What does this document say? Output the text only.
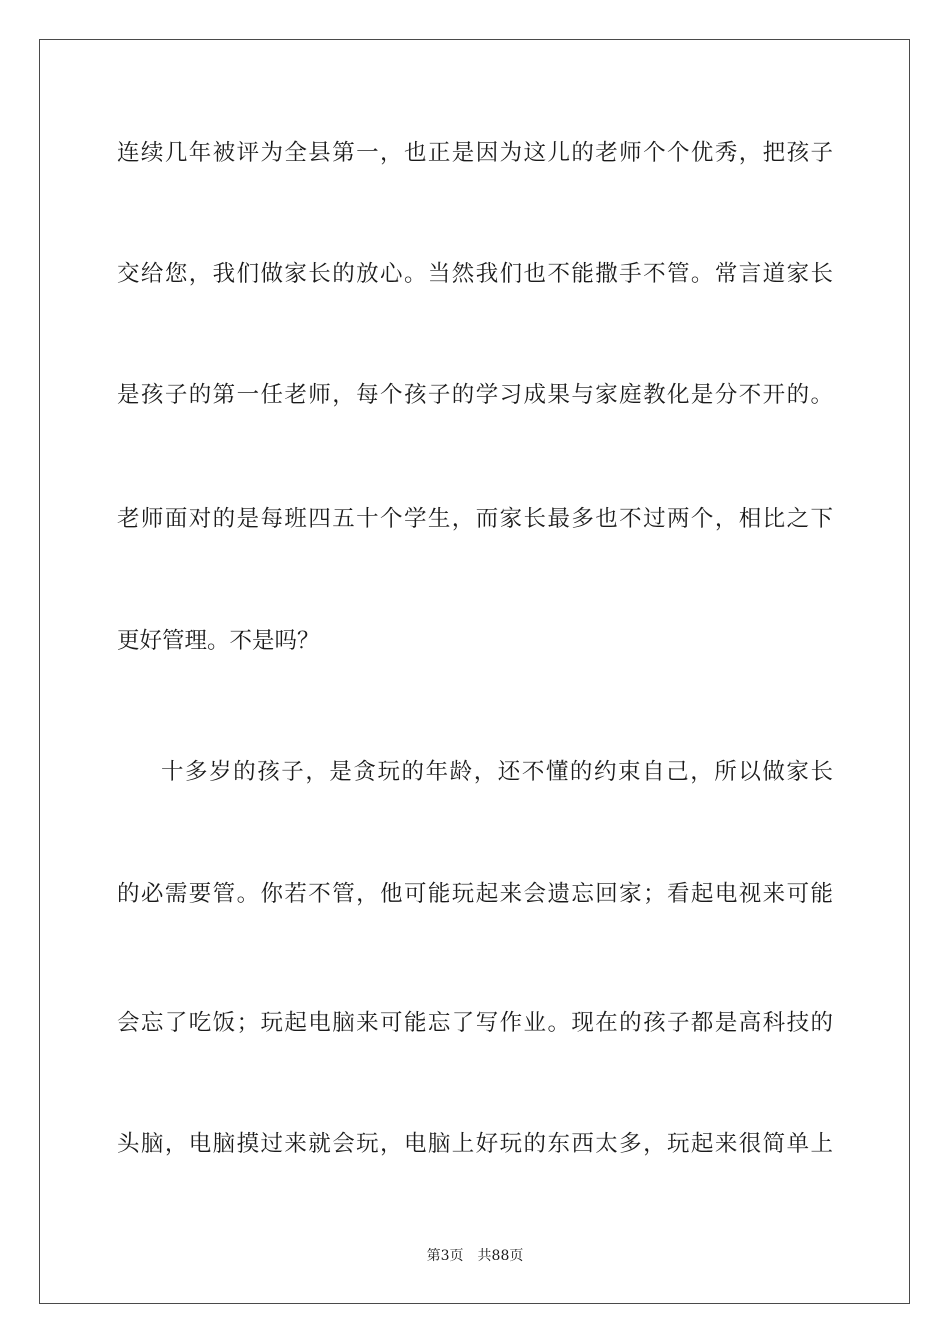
连续几年被评为全县第一，也正是因为这儿的老师个个优秀，把孩子
交给您，我们做家长的放心。当然我们也不能撒手不管。常言道家长
是孩子的第一任老师，每个孩子的学习成果与家庭教化是分不开的。
老师面对的是每班四五十个学生，而家长最多也不过两个，相比之下
更好管理。不是吗？
十多岁的孩子，是贪玩的年龄，还不懂的约束自己，所以做家长
的必需要管。你若不管，他可能玩起来会遗忘回家；看起电视来可能
会忘了吃饭；玩起电脑来可能忘了写作业。现在的孩子都是高科技的
头脑，电脑摸过来就会玩，电脑上好玩的东西太多，玩起来很简单上
第3页 共88页
